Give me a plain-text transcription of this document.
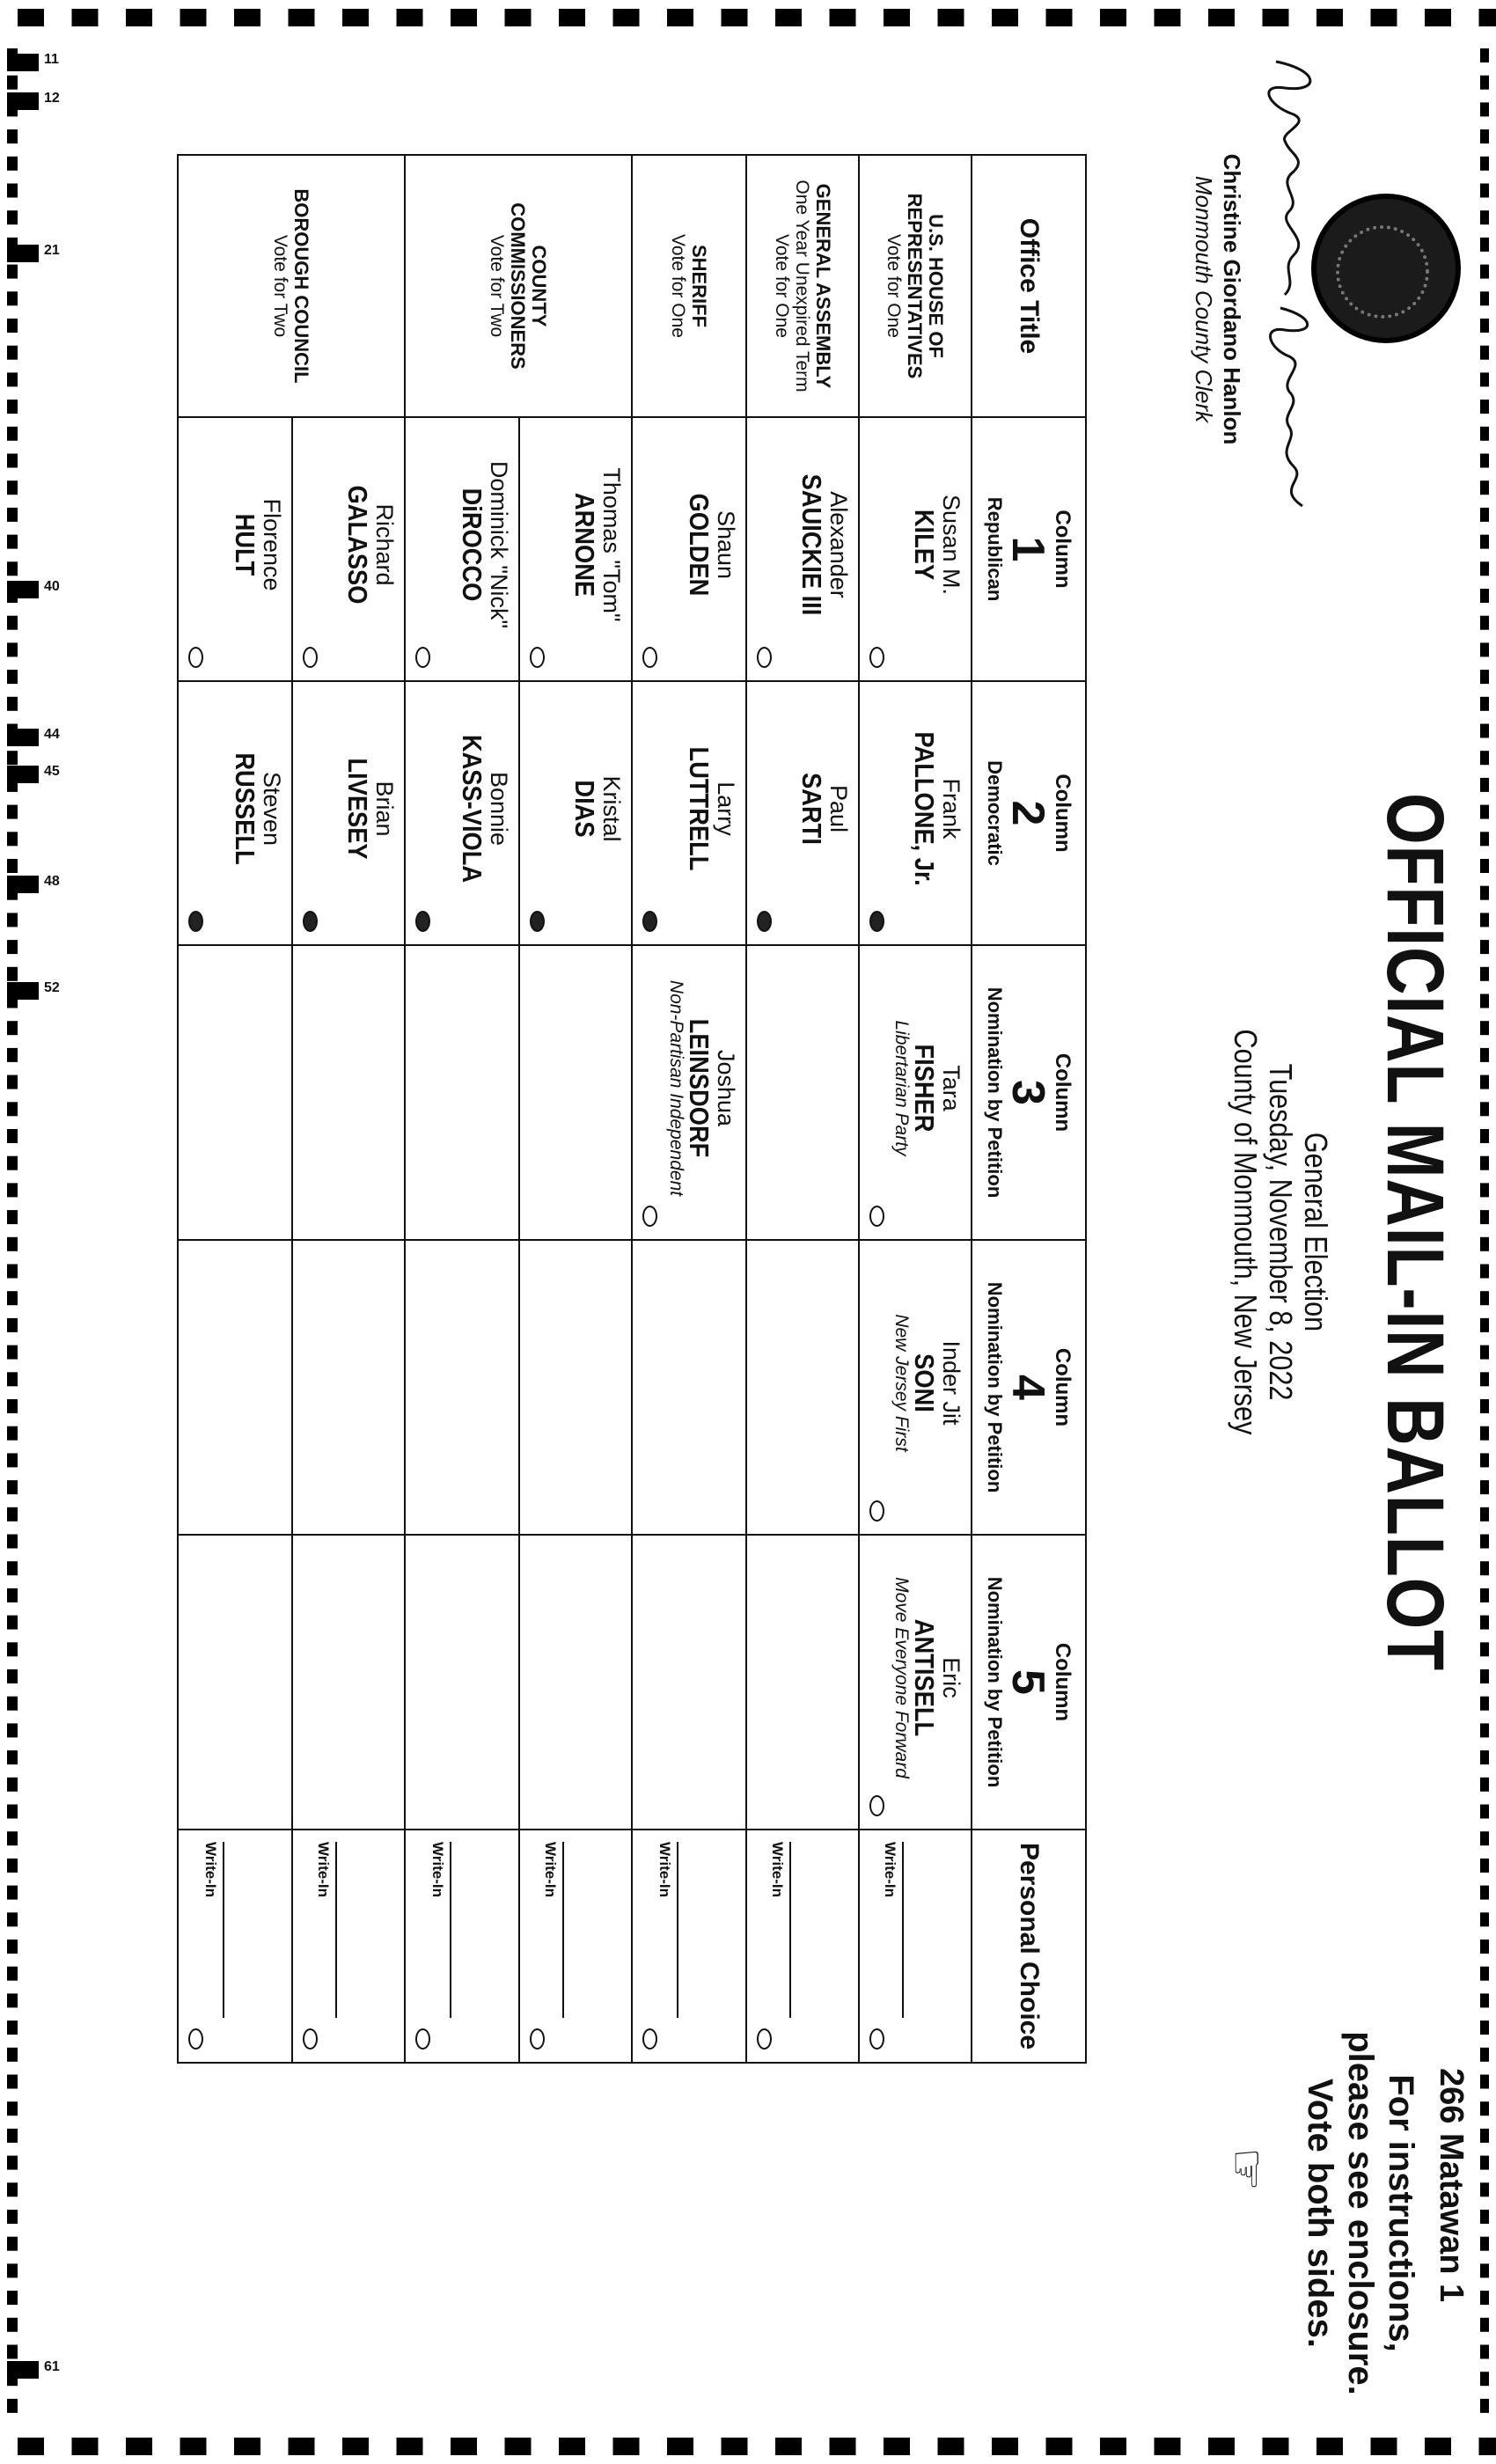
11
12
21
40
44
45
48
52
61
Christine Giordano Hanlon
Monmouth County Clerk
OFFICIAL MAIL-IN BALLOT
General Election
Tuesday, November 8, 2022
County of Monmouth, New Jersey
266 Matawan 1
For instructions,
please see enclosure.
Vote both sides.
☞
Office Title
Column
1
Republican
Column
2
Democratic
Column
3
Nomination by Petition
Column
4
Nomination by Petition
Column
5
Nomination by Petition
Personal Choice
U.S. HOUSE OF
REPRESENTATIVES
Vote for One
GENERAL ASSEMBLY
One Year Unexpired Term
Vote for One
SHERIFF
Vote for One
COUNTY
COMMISSIONERS
Vote for Two
BOROUGH COUNCIL
Vote for Two
Write-In
Write-In
Write-In
Write-In
Write-In
Write-In
Write-In
Susan M.
KILEY
Frank
PALLONE, Jr.
Tara
FISHER
Libertarian Party
Inder Jit
SONI
New Jersey First
Eric
ANTISELL
Move Everyone Forward
Alexander
SAUICKIE III
Paul
SARTI
Shaun
GOLDEN
Larry
LUTTRELL
Joshua
LEINSDORF
Non-Partisan Independent
Thomas "Tom"
ARNONE
Kristal
DIAS
Dominick "Nick"
DiROCCO
Bonnie
KASS-VIOLA
Richard
GALASSO
Brian
LIVESEY
Florence
HULT
Steven
RUSSELL
